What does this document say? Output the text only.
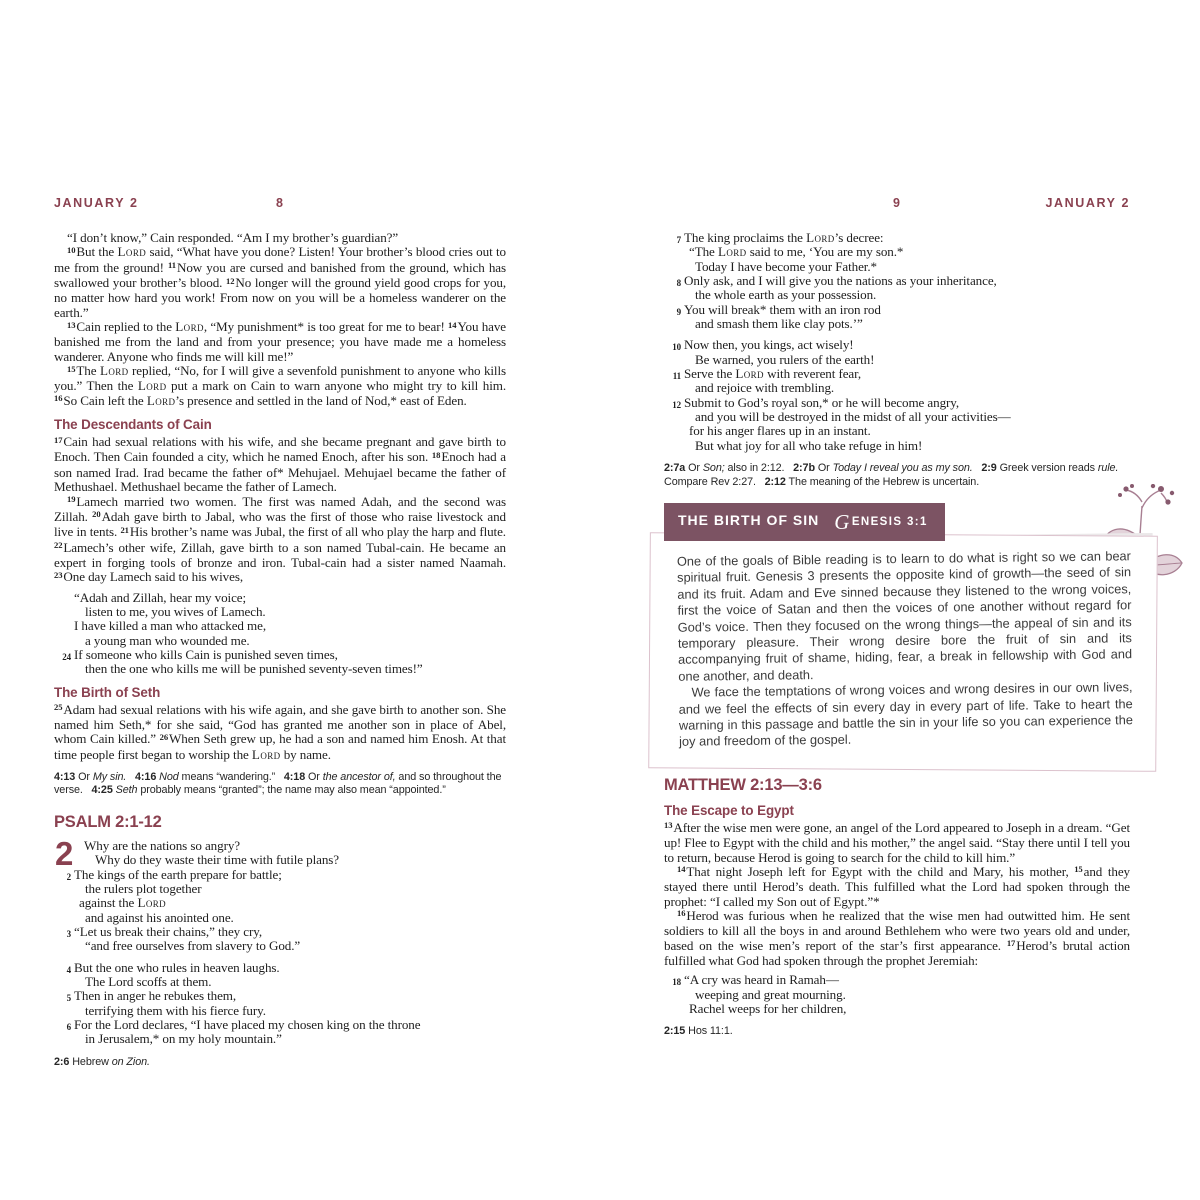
JANUARY 2	8

“I don’t know,” Cain responded. “Am I my brother’s guardian?”

$^{10}$But the Lord said, “What have you done? Listen! Your brother’s blood cries out to me from the ground! $^{11}$Now you are cursed and banished from the ground, which has swallowed your brother’s blood. $^{12}$No longer will the ground yield good crops for you, no matter how hard you work! From now on you will be a homeless wanderer on the earth.”

$^{13}$Cain replied to the Lord, “My punishment* is too great for me to bear! $^{14}$You have banished me from the land and from your presence; you have made me a homeless wanderer. Anyone who finds me will kill me!”

$^{15}$The Lord replied, “No, for I will give a sevenfold punishment to anyone who kills you.” Then the Lord put a mark on Cain to warn anyone who might try to kill him. $^{16}$So Cain left the Lord’s presence and settled in the land of Nod,* east of Eden.

The Descendants of Cain

$^{17}$Cain had sexual relations with his wife, and she became pregnant and gave birth to Enoch. Then Cain founded a city, which he named Enoch, after his son. $^{18}$Enoch had a son named Irad. Irad became the father of* Mehujael. Mehujael became the father of Methushael. Methushael became the father of Lamech.

$^{19}$Lamech married two women. The first was named Adah, and the second was Zillah. $^{20}$Adah gave birth to Jabal, who was the first of those who raise livestock and live in tents. $^{21}$His brother’s name was Jubal, the first of all who play the harp and flute. $^{22}$Lamech’s other wife, Zillah, gave birth to a son named Tubal-cain. He became an expert in forging tools of bronze and iron. Tubal-cain had a sister named Naamah. $^{23}$One day Lamech said to his wives,

“Adah and Zillah, hear my voice;
listen to me, you wives of Lamech.
I have killed a man who attacked me,
a young man who wounded me.
24 If someone who kills Cain is punished seven times,
then the one who kills me will be punished seventy-seven times!”
The Birth of Seth

$^{25}$Adam had sexual relations with his wife again, and she gave birth to another son. She named him Seth,* for she said, “God has granted me another son in place of Abel, whom Cain killed.” $^{26}$When Seth grew up, he had a son and named him Enosh. At that time people first began to worship the Lord by name.

4:13 Or My sin. 4:16 Nod means “wandering.” 4:18 Or the ancestor of, and so throughout the verse. 4:25 Seth probably means “granted”; the name may also mean “appointed.”
PSALM 2:1-12
2 Why are the nations so angry?
Why do they waste their time with futile plans?
2 The kings of the earth prepare for battle;
the rulers plot together
against the Lord
and against his anointed one.
3 “Let us break their chains,” they cry,
“and free ourselves from slavery to God.”
4 But the one who rules in heaven laughs.
The Lord scoffs at them.
5 Then in anger he rebukes them,
terrifying them with his fierce fury.
6 For the Lord declares, “I have placed my chosen king on the throne
in Jerusalem,* on my holy mountain.”
2:6 Hebrew on Zion.
9	JANUARY 2
7 The king proclaims the Lord’s decree:
“The Lord said to me, ‘You are my son.*
Today I have become your Father.*
8 Only ask, and I will give you the nations as your inheritance,
the whole earth as your possession.
9 You will break* them with an iron rod
and smash them like clay pots.’”
10 Now then, you kings, act wisely!
Be warned, you rulers of the earth!
11 Serve the Lord with reverent fear,
and rejoice with trembling.
12 Submit to God’s royal son,* or he will become angry,
and you will be destroyed in the midst of all your activities—
for his anger flares up in an instant.
But what joy for all who take refuge in him!
2:7a Or Son; also in 2:12. 2:7b Or Today I reveal you as my son. 2:9 Greek version reads rule. Compare Rev 2:27. 2:12 The meaning of the Hebrew is uncertain.
THE BIRTH OF SIN GENESIS 3:1

One of the goals of Bible reading is to learn to do what is right so we can bear spiritual fruit. Genesis 3 presents the opposite kind of growth—the seed of sin and its fruit. Adam and Eve sinned because they listened to the wrong voices, first the voice of Satan and then the voices of one another without regard for God’s voice. Then they focused on the wrong things—the appeal of sin and its temporary pleasure. Their wrong desire bore the fruit of sin and its accompanying fruit of shame, hiding, fear, a break in fellowship with God and one another, and death.

We face the temptations of wrong voices and wrong desires in our own lives, and we feel the effects of sin every day in every part of life. Take to heart the warning in this passage and battle the sin in your life so you can experience the joy and freedom of the gospel.

MATTHEW 2:13—3:6
The Escape to Egypt

$^{13}$After the wise men were gone, an angel of the Lord appeared to Joseph in a dream. “Get up! Flee to Egypt with the child and his mother,” the angel said. “Stay there until I tell you to return, because Herod is going to search for the child to kill him.”

$^{14}$That night Joseph left for Egypt with the child and Mary, his mother, $^{15}$and they stayed there until Herod’s death. This fulfilled what the Lord had spoken through the prophet: “I called my Son out of Egypt.”*

$^{16}$Herod was furious when he realized that the wise men had outwitted him. He sent soldiers to kill all the boys in and around Bethlehem who were two years old and under, based on the wise men’s report of the star’s first appearance. $^{17}$Herod’s brutal action fulfilled what God had spoken through the prophet Jeremiah:

18 “A cry was heard in Ramah—
weeping and great mourning.
Rachel weeps for her children,
2:15 Hos 11:1.
